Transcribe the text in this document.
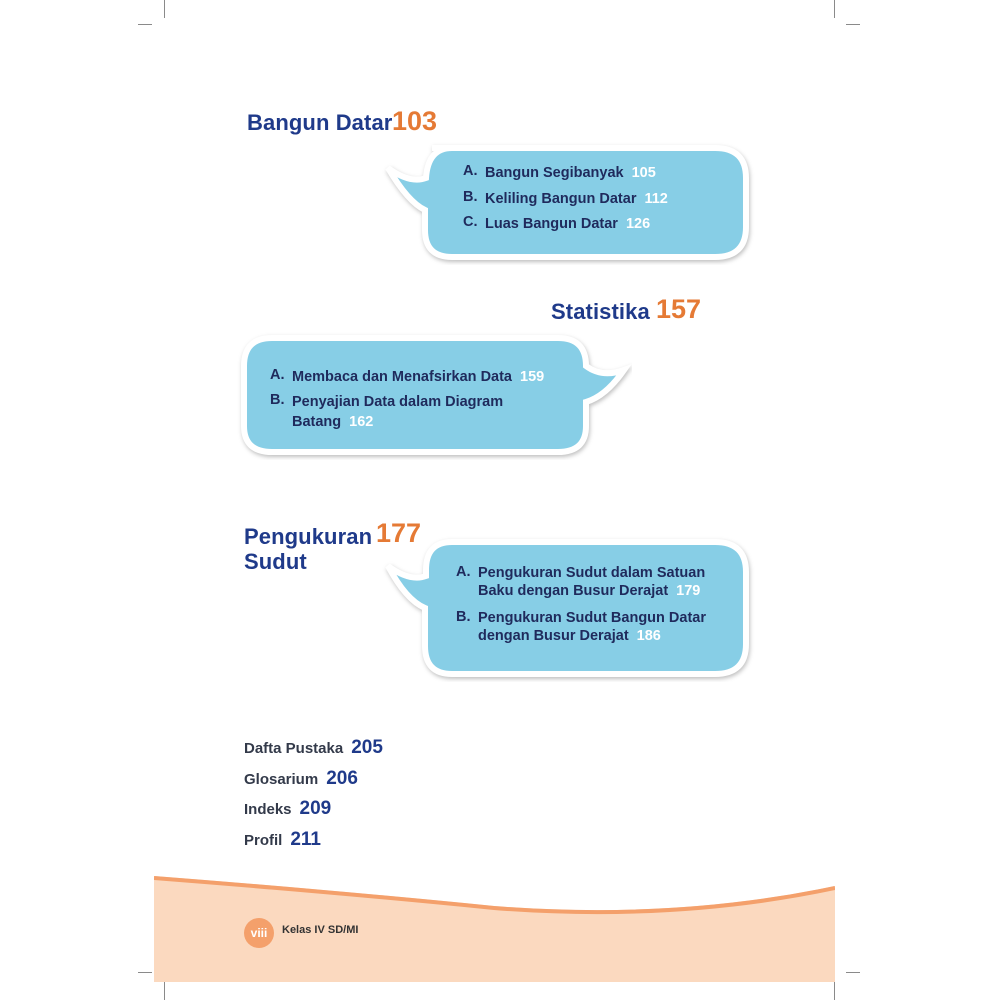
Bangun Datar 103
A. Bangun Segibanyak 105
B. Keliling Bangun Datar 112
C. Luas Bangun Datar 126
Statistika 157
A. Membaca dan Menafsirkan Data 159
B. Penyajian Data dalam Diagram
Batang 162
Pengukuran
Sudut
177
A. Pengukuran Sudut dalam Satuan
Baku dengan Busur Derajat 179
B. Pengukuran Sudut Bangun Datar
dengan Busur Derajat 186
Dafta Pustaka 205
Glosarium 206
Indeks 209
Profil 211
viii	Kelas IV SD/MI
